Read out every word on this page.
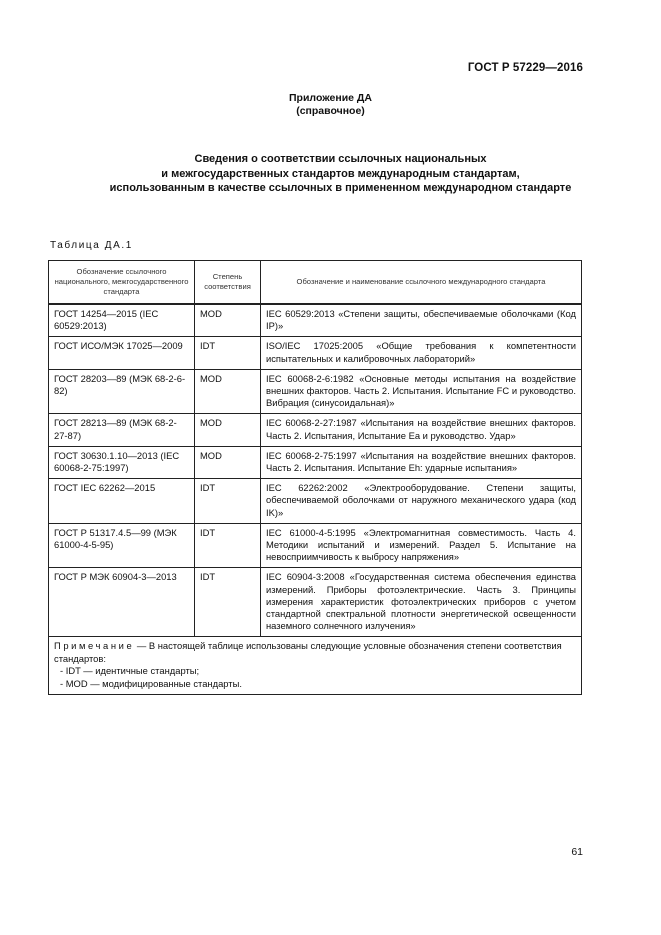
ГОСТ Р 57229—2016
Приложение ДА
(справочное)
Сведения о соответствии ссылочных национальных
и межгосударственных стандартов международным стандартам,
использованным в качестве ссылочных в примененном международном стандарте
Таблица ДА.1
Обозначение ссылочного национального, межгосударственного стандарта	Степень соответствия	Обозначение и наименование ссылочного международного стандарта
ГОСТ 14254—2015 (IEC 60529:2013)	MOD	IEC 60529:2013 «Степени защиты, обеспечиваемые оболочками (Код IP)»
ГОСТ ИСО/МЭК 17025—2009	IDT	ISO/IEC 17025:2005 «Общие требования к компетентности испытательных и калибровочных лабораторий»
ГОСТ 28203—89 (МЭК 68-2-6-82)	MOD	IEC 60068-2-6:1982 «Основные методы испытания на воздействие внешних факторов. Часть 2. Испытания. Испытание FC и руководство. Вибрация (синусоидальная)»
ГОСТ 28213—89 (МЭК 68-2-27-87)	MOD	IEC 60068-2-27:1987 «Испытания на воздействие внешних факторов. Часть 2. Испытания, Испытание Ea и руководство. Удар»
ГОСТ 30630.1.10—2013 (IEC 60068-2-75:1997)	MOD	IEC 60068-2-75:1997 «Испытания на воздействие внешних факторов. Часть 2. Испытания. Испытание Eh: ударные испытания»
ГОСТ IEC 62262—2015	IDT	IEC 62262:2002 «Электрооборудование. Степени защиты, обеспечиваемой оболочками от наружного механического удара (код IK)»
ГОСТ Р 51317.4.5—99 (МЭК 61000-4-5-95)	IDT	IEC 61000-4-5:1995 «Электромагнитная совместимость. Часть 4. Методики испытаний и измерений. Раздел 5. Испытание на невосприимчивость к выбросу напряжения»
ГОСТ Р МЭК 60904-3—2013	IDT	IEC 60904-3:2008 «Государственная система обеспечения единства измерений. Приборы фотоэлектрические. Часть 3. Принципы измерения характеристик фотоэлектрических приборов с учетом стандартной спектральной плотности энергетической освещенности наземного солнечного излучения»

Примечание — В настоящей таблице использованы следующие условные обозначения степени соответствия стандартов:
- IDT — идентичные стандарты;
- MOD — модифицированные стандарты.		
61
